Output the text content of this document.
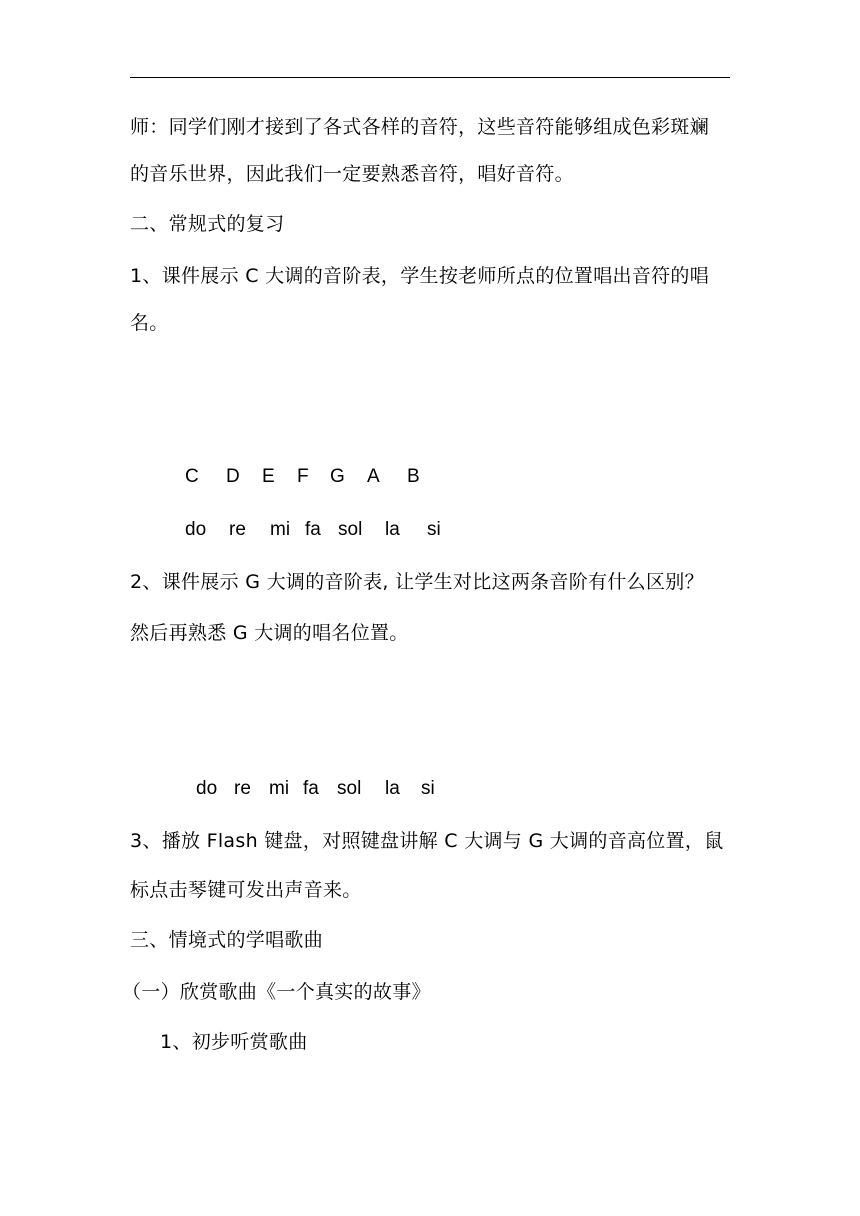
师：同学们刚才接到了各式各样的音符，这些音符能够组成色彩斑斓
的音乐世界，因此我们一定要熟悉音符，唱好音符。
二、常规式的复习
1、课件展示 C 大调的音阶表，学生按老师所点的位置唱出音符的唱
名。
C D E F G A B
do re mi fa sol la si
2、课件展示 G 大调的音阶表, 让学生对比这两条音阶有什么区别？
然后再熟悉 G 大调的唱名位置。
do re mi fa sol la si
3、播放 Flash 键盘，对照键盘讲解 C 大调与 G 大调的音高位置，鼠
标点击琴键可发出声音来。
三、情境式的学唱歌曲
（一）欣赏歌曲《一个真实的故事》
1、初步听赏歌曲
